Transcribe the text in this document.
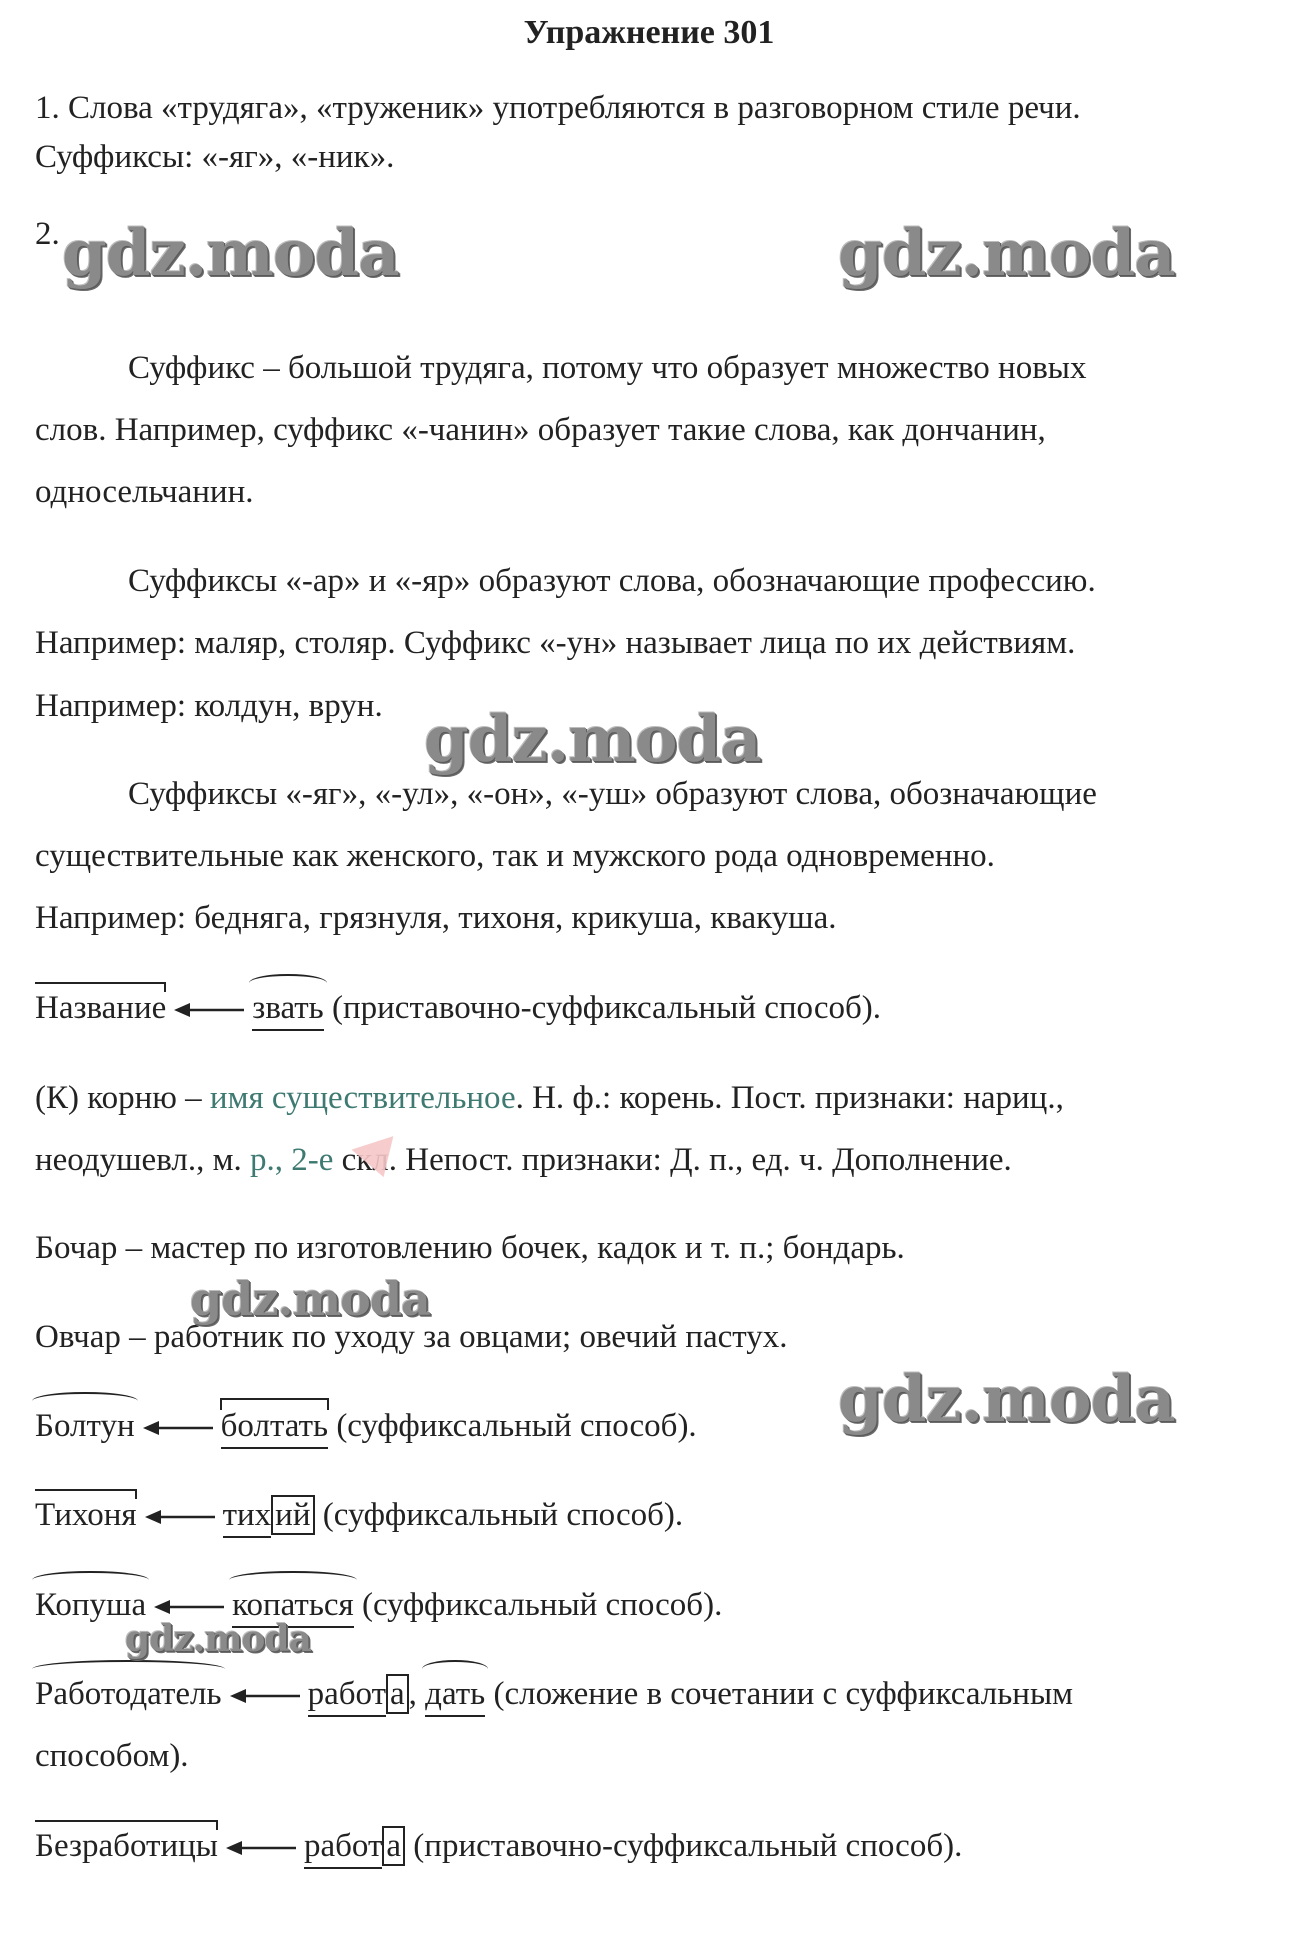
Упражнение 301
1. Слова «трудяга», «труженик» употребляются в разговорном стиле речи.
Суффиксы: «-яг», «-ник».
2.
Суффикс – большой трудяга, потому что образует множество новых
слов. Например, суффикс «-чанин» образует такие слова, как дончанин,
односельчанин.
Суффиксы «-ар» и «-яр» образуют слова, обозначающие профессию.
Например: маляр, столяр. Суффикс «-ун» называет лица по их действиям.
Например: колдун, врун.
Суффиксы «-яг», «-ул», «-он», «-уш» образуют слова, обозначающие
существительные как женского, так и мужского рода одновременно.
Например: бедняга, грязнуля, тихоня, крикуша, квакуша.
Название	звать (приставочно-суффиксальный способ).
(К) корню – имя существительное. Н. ф.: корень. Пост. признаки: нариц.,
неодушевл., м. р., 2-е скл. Непост. признаки: Д. п., ед. ч. Дополнение.
Бочар – мастер по изготовлению бочек, кадок и т. п.; бондарь.
Овчар – работник по уходу за овцами; овечий пастух.
Болтун	болтать (суффиксальный способ).
Тихоня	тих ий (суффиксальный способ).
Копуша	копаться (суффиксальный способ).
Работодатель	работ а , дать (сложение в сочетании с суффиксальным
способом).
Безработицы	работ а (приставочно-суффиксальный способ).
gdz.moda	gdz.moda
gdz.moda
gdz.moda
gdz.moda
gdz.moda
